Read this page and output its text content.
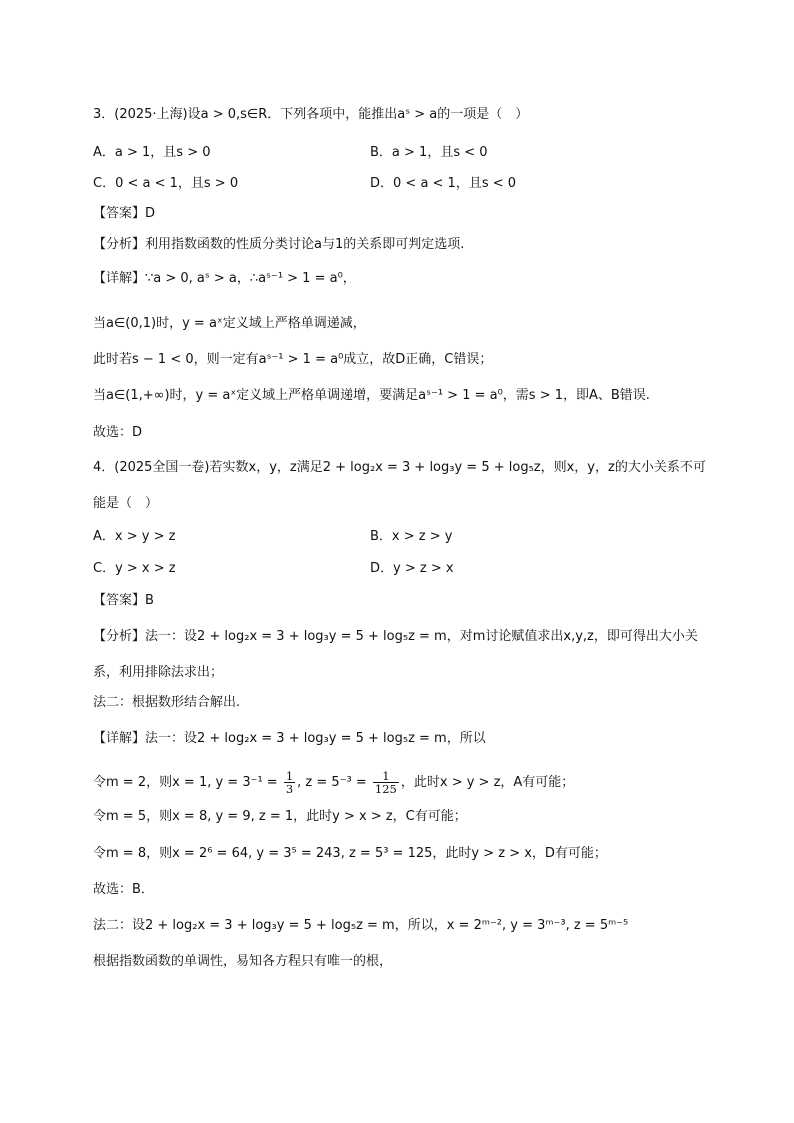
3．(2025·上海)设a > 0,s∈R．下列各项中，能推出aˢ > a的一项是（　）
A．a > 1，且s > 0	B．a > 1，且s < 0
C．0 < a < 1，且s > 0	D．0 < a < 1，且s < 0
【答案】D
【分析】利用指数函数的性质分类讨论a与1的关系即可判定选项.
【详解】∵a > 0, aˢ > a，∴aˢ⁻¹ > 1 = a⁰，
当a∈(0,1)时，y = aˣ定义域上严格单调递减，
此时若s − 1 < 0，则一定有aˢ⁻¹ > 1 = a⁰成立，故D正确，C错误；
当a∈(1,+∞)时，y = aˣ定义域上严格单调递增，要满足aˢ⁻¹ > 1 = a⁰，需s > 1，即A、B错误.
故选：D
4．(2025全国一卷)若实数x，y，z满足2 + log₂x = 3 + log₃y = 5 + log₅z，则x，y，z的大小关系不可
能是（　）
A．x > y > z	B．x > z > y
C．y > x > z	D．y > z > x
【答案】B
【分析】法一：设2 + log₂x = 3 + log₃y = 5 + log₅z = m，对m讨论赋值求出x,y,z，即可得出大小关
系，利用排除法求出；
法二：根据数形结合解出.
【详解】法一：设2 + log₂x = 3 + log₃y = 5 + log₅z = m，所以
令m = 2，则x = 1, $y = 3^{-1} = \frac{1}{3}$ , $z = 5^{-3} = \frac{1}{125}$ ，此时x > y > z，A有可能；
令m = 5，则x = 8, y = 9, z = 1，此时y > x > z，C有可能；
令m = 8，则x = 2⁶ = 64, y = 3⁵ = 243, z = 5³ = 125，此时y > z > x，D有可能；
故选：B．
法二：设2 + log₂x = 3 + log₃y = 5 + log₅z = m，所以，x = 2ᵐ⁻², y = 3ᵐ⁻³, z = 5ᵐ⁻⁵
根据指数函数的单调性，易知各方程只有唯一的根，
